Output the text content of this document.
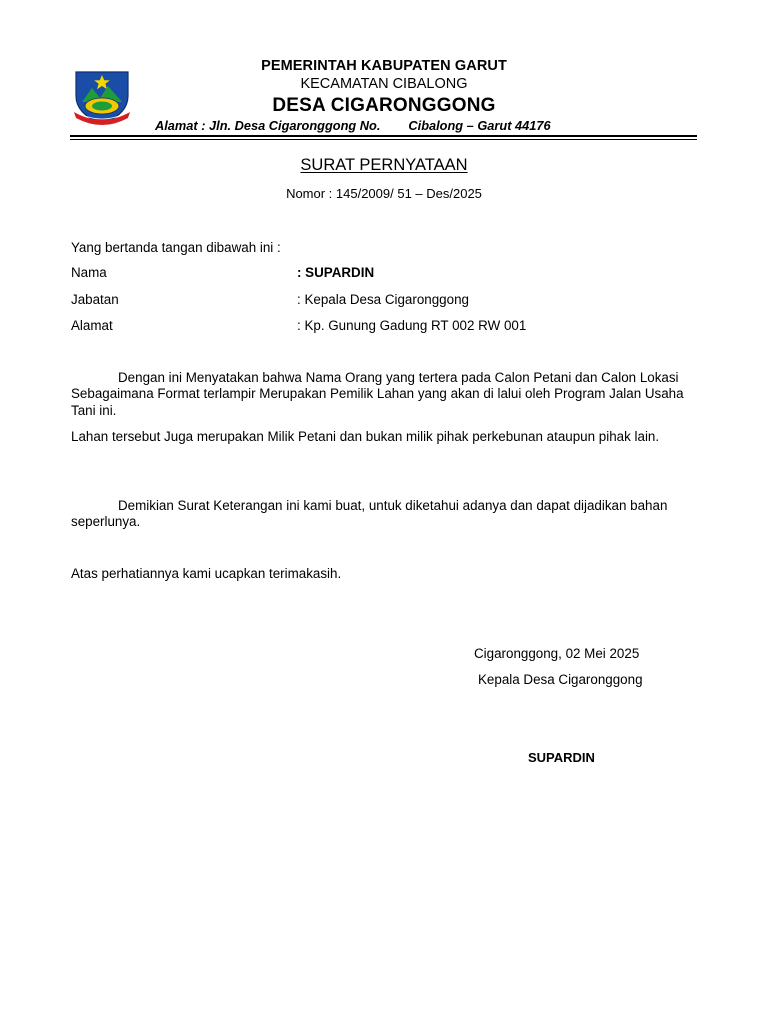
PEMERINTAH KABUPATEN GARUT
KECAMATAN CIBALONG
DESA CIGARONGGONG
Alamat : Jln. Desa Cigaronggong No. Cibalong – Garut 44176
SURAT PERNYATAAN
Nomor : 145/2009/ 51 – Des/2025
Yang bertanda tangan dibawah ini :
Nama	: SUPARDIN
Jabatan	: Kepala Desa Cigaronggong
Alamat	: Kp. Gunung Gadung RT 002 RW 001
Dengan ini Menyatakan bahwa Nama Orang yang tertera pada Calon Petani dan Calon Lokasi Sebagaimana Format terlampir Merupakan Pemilik Lahan yang akan di lalui oleh Program Jalan Usaha Tani ini.
Lahan tersebut Juga merupakan Milik Petani dan bukan milik pihak perkebunan ataupun pihak lain.
Demikian Surat Keterangan ini kami buat, untuk diketahui adanya dan dapat dijadikan bahan seperlunya.
Atas perhatiannya kami ucapkan terimakasih.
Cigaronggong, 02 Mei 2025
Kepala Desa Cigaronggong
SUPARDIN
